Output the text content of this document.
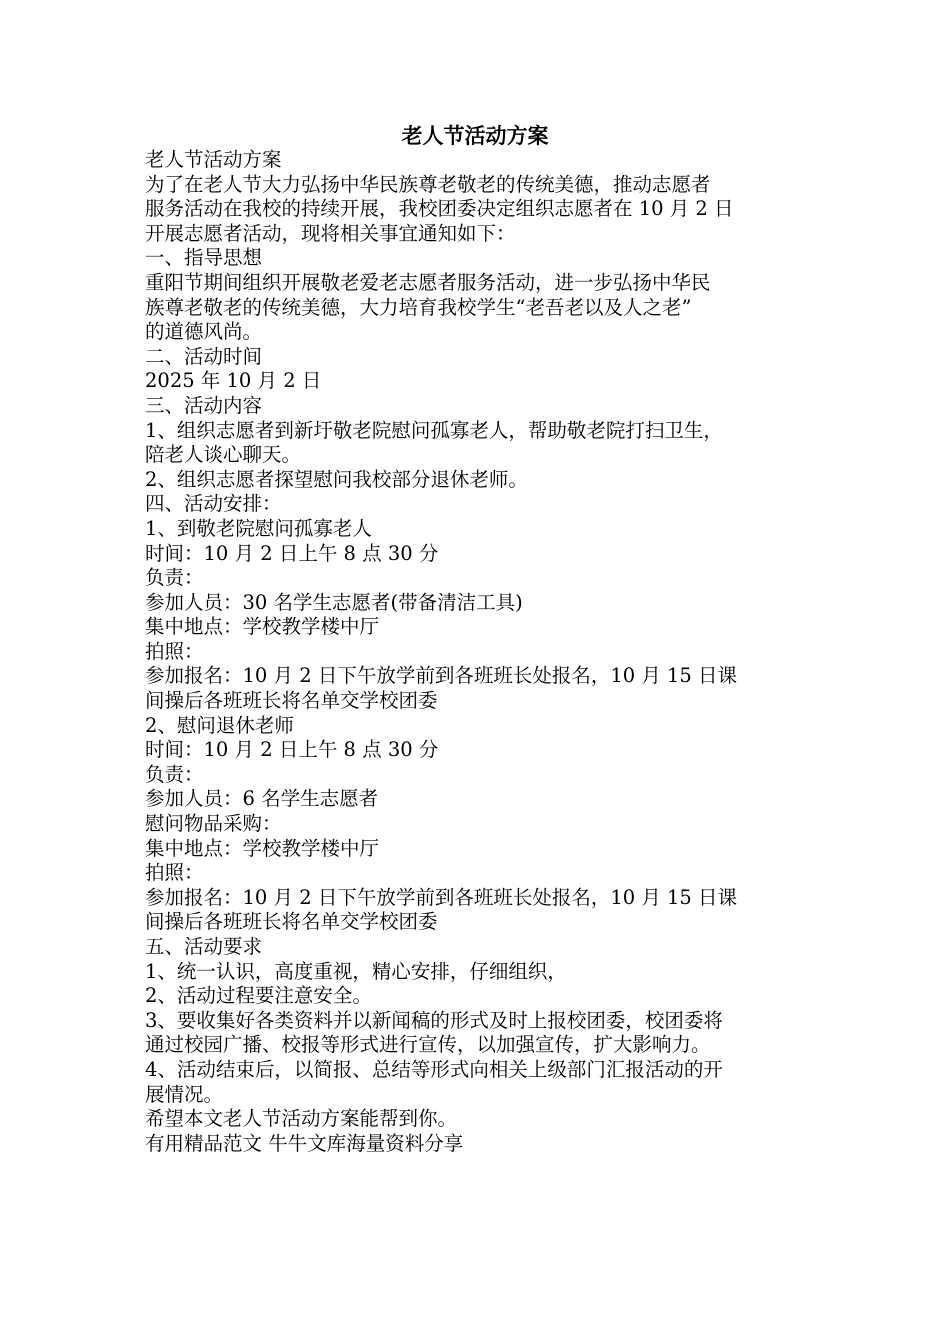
老人节活动方案
老人节活动方案
为了在老人节大力弘扬中华民族尊老敬老的传统美德，推动志愿者
服务活动在我校的持续开展，我校团委决定组织志愿者在 10 月 2 日
开展志愿者活动，现将相关事宜通知如下：
一、指导思想
重阳节期间组织开展敬老爱老志愿者服务活动，进一步弘扬中华民
族尊老敬老的传统美德，大力培育我校学生“老吾老以及人之老”
的道德风尚。
二、活动时间
2025 年 10 月 2 日
三、活动内容
1、组织志愿者到新圩敬老院慰问孤寡老人，帮助敬老院打扫卫生，
陪老人谈心聊天。
2、组织志愿者探望慰问我校部分退休老师。
四、活动安排：
1、到敬老院慰问孤寡老人
时间：10 月 2 日上午 8 点 30 分
负责：
参加人员：30 名学生志愿者(带备清洁工具)
集中地点：学校教学楼中厅
拍照：
参加报名：10 月 2 日下午放学前到各班班长处报名，10 月 15 日课
间操后各班班长将名单交学校团委
2、慰问退休老师
时间：10 月 2 日上午 8 点 30 分
负责：
参加人员：6 名学生志愿者
慰问物品采购：
集中地点：学校教学楼中厅
拍照：
参加报名：10 月 2 日下午放学前到各班班长处报名，10 月 15 日课
间操后各班班长将名单交学校团委
五、活动要求
1、统一认识，高度重视，精心安排，仔细组织，
2、活动过程要注意安全。
3、要收集好各类资料并以新闻稿的形式及时上报校团委，校团委将
通过校园广播、校报等形式进行宣传，以加强宣传，扩大影响力。
4、活动结束后，以简报、总结等形式向相关上级部门汇报活动的开
展情况。
希望本文老人节活动方案能帮到你。
有用精品范文 牛牛文库海量资料分享
